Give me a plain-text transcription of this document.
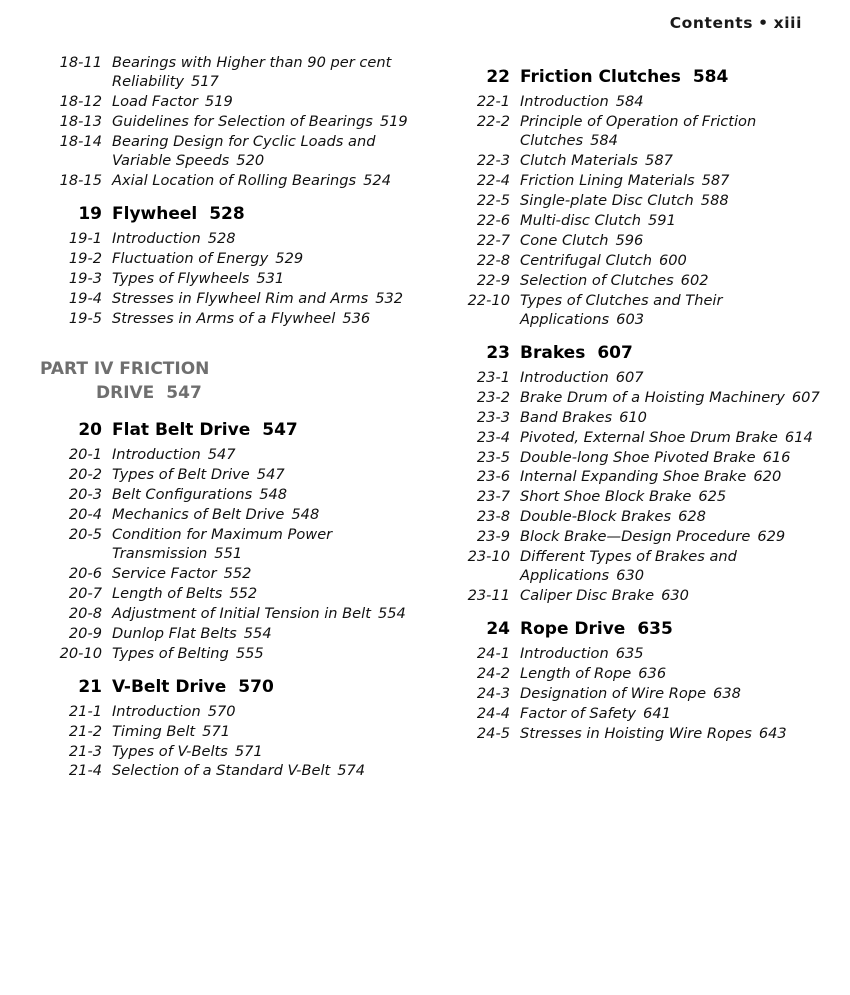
Contents • xiii
18-11 Bearings with Higher than 90 per cent Reliability 517
18-12 Load Factor 519
18-13 Guidelines for Selection of Bearings 519
18-14 Bearing Design for Cyclic Loads and Variable Speeds 520
18-15 Axial Location of Rolling Bearings 524
19 Flywheel 528
19-1 Introduction 528
19-2 Fluctuation of Energy 529
19-3 Types of Flywheels 531
19-4 Stresses in Flywheel Rim and Arms 532
19-5 Stresses in Arms of a Flywheel 536
PART IV FRICTION
DRIVE 547
20 Flat Belt Drive 547
20-1 Introduction 547
20-2 Types of Belt Drive 547
20-3 Belt Configurations 548
20-4 Mechanics of Belt Drive 548
20-5 Condition for Maximum Power Transmission 551
20-6 Service Factor 552
20-7 Length of Belts 552
20-8 Adjustment of Initial Tension in Belt 554
20-9 Dunlop Flat Belts 554
20-10 Types of Belting 555
21 V-Belt Drive 570
21-1 Introduction 570
21-2 Timing Belt 571
21-3 Types of V-Belts 571
21-4 Selection of a Standard V-Belt 574
22 Friction Clutches 584
22-1 Introduction 584
22-2 Principle of Operation of Friction Clutches 584
22-3 Clutch Materials 587
22-4 Friction Lining Materials 587
22-5 Single-plate Disc Clutch 588
22-6 Multi-disc Clutch 591
22-7 Cone Clutch 596
22-8 Centrifugal Clutch 600
22-9 Selection of Clutches 602
22-10 Types of Clutches and Their Applications 603
23 Brakes 607
23-1 Introduction 607
23-2 Brake Drum of a Hoisting Machinery 607
23-3 Band Brakes 610
23-4 Pivoted, External Shoe Drum Brake 614
23-5 Double-long Shoe Pivoted Brake 616
23-6 Internal Expanding Shoe Brake 620
23-7 Short Shoe Block Brake 625
23-8 Double-Block Brakes 628
23-9 Block Brake—Design Procedure 629
23-10 Different Types of Brakes and Applications 630
23-11 Caliper Disc Brake 630
24 Rope Drive 635
24-1 Introduction 635
24-2 Length of Rope 636
24-3 Designation of Wire Rope 638
24-4 Factor of Safety 641
24-5 Stresses in Hoisting Wire Ropes 643
